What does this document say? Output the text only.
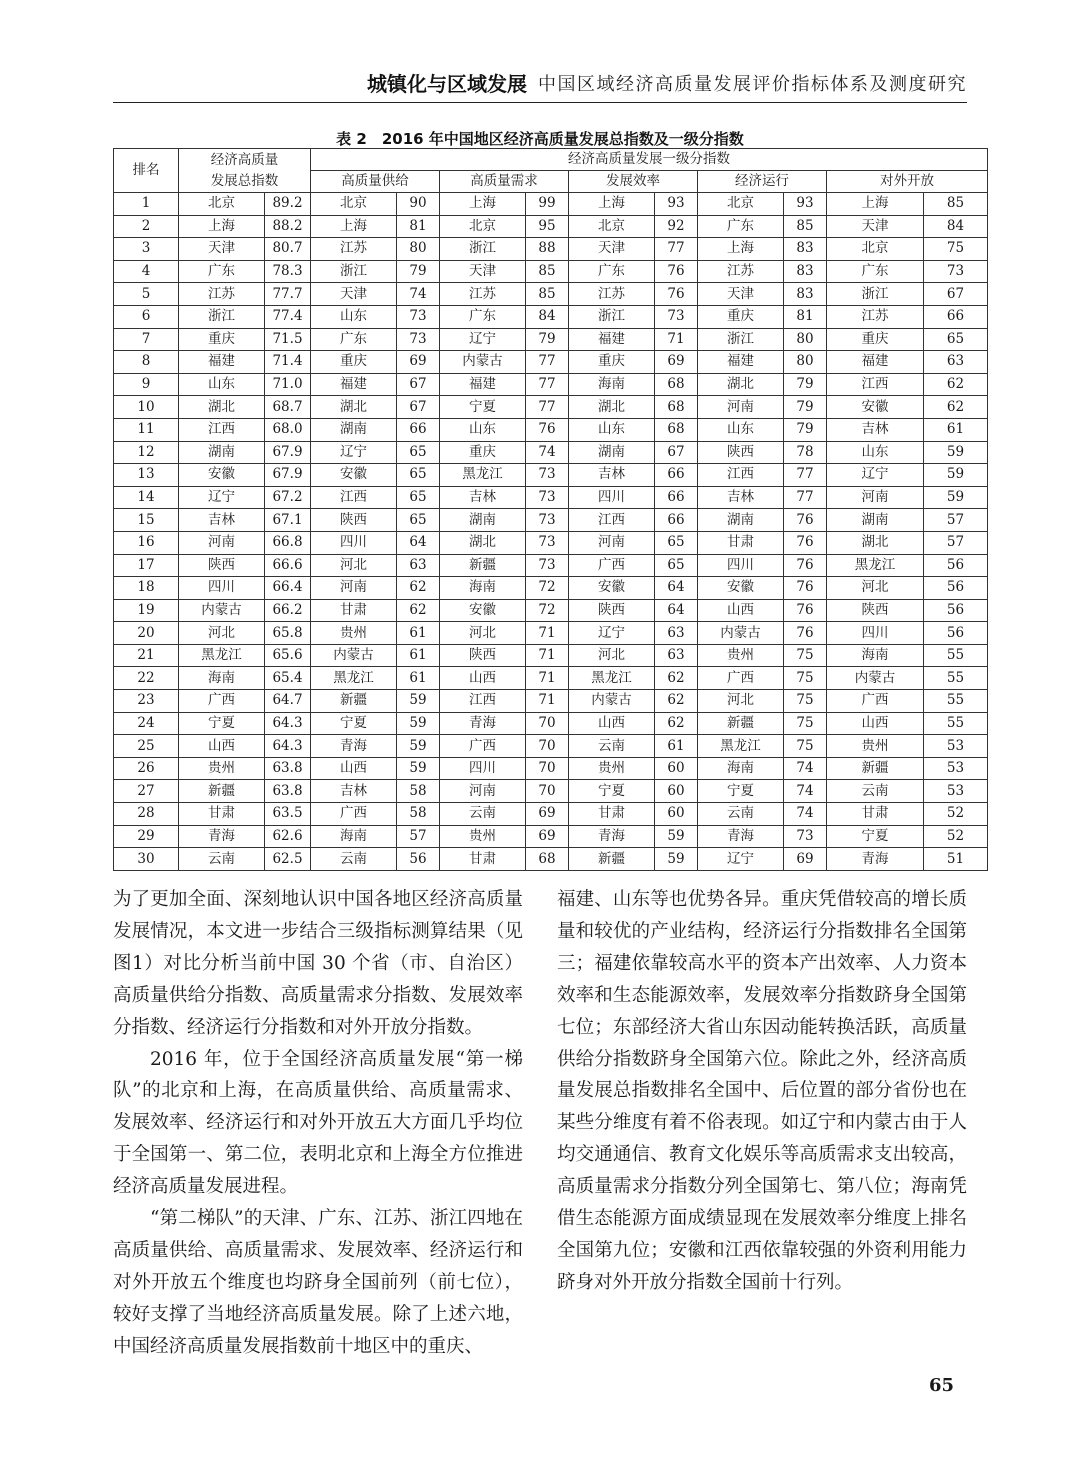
城镇化与区域发展 中国区域经济高质量发展评价指标体系及测度研究
表 2　2016 年中国地区经济高质量发展总指数及一级分指数
排名	经济高质量
发展总指数		经济高质量发展一级分指数									
			高质量供给		高质量需求		发展效率		经济运行		对外开放	
1	北京	89.2	北京	90	上海	99	上海	93	北京	93	上海	85
2	上海	88.2	上海	81	北京	95	北京	92	广东	85	天津	84
3	天津	80.7	江苏	80	浙江	88	天津	77	上海	83	北京	75
4	广东	78.3	浙江	79	天津	85	广东	76	江苏	83	广东	73
5	江苏	77.7	天津	74	江苏	85	江苏	76	天津	83	浙江	67
6	浙江	77.4	山东	73	广东	84	浙江	73	重庆	81	江苏	66
7	重庆	71.5	广东	73	辽宁	79	福建	71	浙江	80	重庆	65
8	福建	71.4	重庆	69	内蒙古	77	重庆	69	福建	80	福建	63
9	山东	71.0	福建	67	福建	77	海南	68	湖北	79	江西	62
10	湖北	68.7	湖北	67	宁夏	77	湖北	68	河南	79	安徽	62
11	江西	68.0	湖南	66	山东	76	山东	68	山东	79	吉林	61
12	湖南	67.9	辽宁	65	重庆	74	湖南	67	陕西	78	山东	59
13	安徽	67.9	安徽	65	黑龙江	73	吉林	66	江西	77	辽宁	59
14	辽宁	67.2	江西	65	吉林	73	四川	66	吉林	77	河南	59
15	吉林	67.1	陕西	65	湖南	73	江西	66	湖南	76	湖南	57
16	河南	66.8	四川	64	湖北	73	河南	65	甘肃	76	湖北	57
17	陕西	66.6	河北	63	新疆	73	广西	65	四川	76	黑龙江	56
18	四川	66.4	河南	62	海南	72	安徽	64	安徽	76	河北	56
19	内蒙古	66.2	甘肃	62	安徽	72	陕西	64	山西	76	陕西	56
20	河北	65.8	贵州	61	河北	71	辽宁	63	内蒙古	76	四川	56
21	黑龙江	65.6	内蒙古	61	陕西	71	河北	63	贵州	75	海南	55
22	海南	65.4	黑龙江	61	山西	71	黑龙江	62	广西	75	内蒙古	55
23	广西	64.7	新疆	59	江西	71	内蒙古	62	河北	75	广西	55
24	宁夏	64.3	宁夏	59	青海	70	山西	62	新疆	75	山西	55
25	山西	64.3	青海	59	广西	70	云南	61	黑龙江	75	贵州	53
26	贵州	63.8	山西	59	四川	70	贵州	60	海南	74	新疆	53
27	新疆	63.8	吉林	58	河南	70	宁夏	60	宁夏	74	云南	53
28	甘肃	63.5	广西	58	云南	69	甘肃	60	云南	74	甘肃	52
29	青海	62.6	海南	57	贵州	69	青海	59	青海	73	宁夏	52
30	云南	62.5	云南	56	甘肃	68	新疆	59	辽宁	69	青海	51

为了更加全面、深刻地认识中国各地区经济高质量发展情况，本文进一步结合三级指标测算结果（见图1）对比分析当前中国 30 个省（市、自治区）高质量供给分指数、高质量需求分指数、发展效率分指数、经济运行分指数和对外开放分指数。

2016 年，位于全国经济高质量发展“第一梯队”的北京和上海，在高质量供给、高质量需求、发展效率、经济运行和对外开放五大方面几乎均位于全国第一、第二位，表明北京和上海全方位推进经济高质量发展进程。

“第二梯队”的天津、广东、江苏、浙江四地在高质量供给、高质量需求、发展效率、经济运行和对外开放五个维度也均跻身全国前列（前七位），较好支撑了当地经济高质量发展。除了上述六地，中国经济高质量发展指数前十地区中的重庆、

福建、山东等也优势各异。重庆凭借较高的增长质量和较优的产业结构，经济运行分指数排名全国第三；福建依靠较高水平的资本产出效率、人力资本效率和生态能源效率，发展效率分指数跻身全国第七位；东部经济大省山东因动能转换活跃，高质量供给分指数跻身全国第六位。除此之外，经济高质量发展总指数排名全国中、后位置的部分省份也在某些分维度有着不俗表现。如辽宁和内蒙古由于人均交通通信、教育文化娱乐等高质需求支出较高，高质量需求分指数分列全国第七、第八位；海南凭借生态能源方面成绩显现在发展效率分维度上排名全国第九位；安徽和江西依靠较强的外资利用能力跻身对外开放分指数全国前十行列。

65
